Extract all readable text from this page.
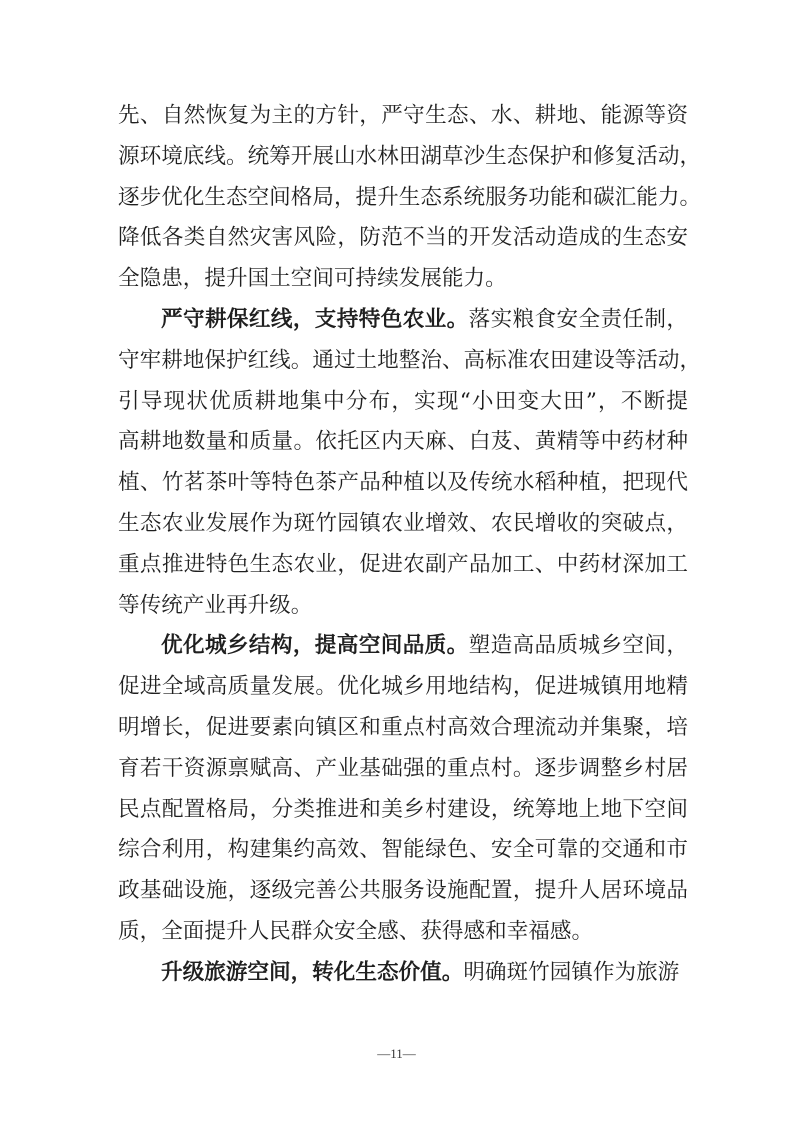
先、自然恢复为主的方针，严守生态、水、耕地、能源等资
源环境底线。统筹开展山水林田湖草沙生态保护和修复活动，
逐步优化生态空间格局，提升生态系统服务功能和碳汇能力。
降低各类自然灾害风险，防范不当的开发活动造成的生态安
全隐患，提升国土空间可持续发展能力。
严守耕保红线，支持特色农业。落实粮食安全责任制，
守牢耕地保护红线。通过土地整治、高标准农田建设等活动，
引导现状优质耕地集中分布，实现“小田变大田”，不断提
高耕地数量和质量。依托区内天麻、白芨、黄精等中药材种
植、竹茗茶叶等特色茶产品种植以及传统水稻种植，把现代
生态农业发展作为斑竹园镇农业增效、农民增收的突破点，
重点推进特色生态农业，促进农副产品加工、中药材深加工
等传统产业再升级。
优化城乡结构，提高空间品质。塑造高品质城乡空间，
促进全域高质量发展。优化城乡用地结构，促进城镇用地精
明增长，促进要素向镇区和重点村高效合理流动并集聚，培
育若干资源禀赋高、产业基础强的重点村。逐步调整乡村居
民点配置格局，分类推进和美乡村建设，统筹地上地下空间
综合利用，构建集约高效、智能绿色、安全可靠的交通和市
政基础设施，逐级完善公共服务设施配置，提升人居环境品
质，全面提升人民群众安全感、获得感和幸福感。
升级旅游空间，转化生态价值。明确斑竹园镇作为旅游
—11—
